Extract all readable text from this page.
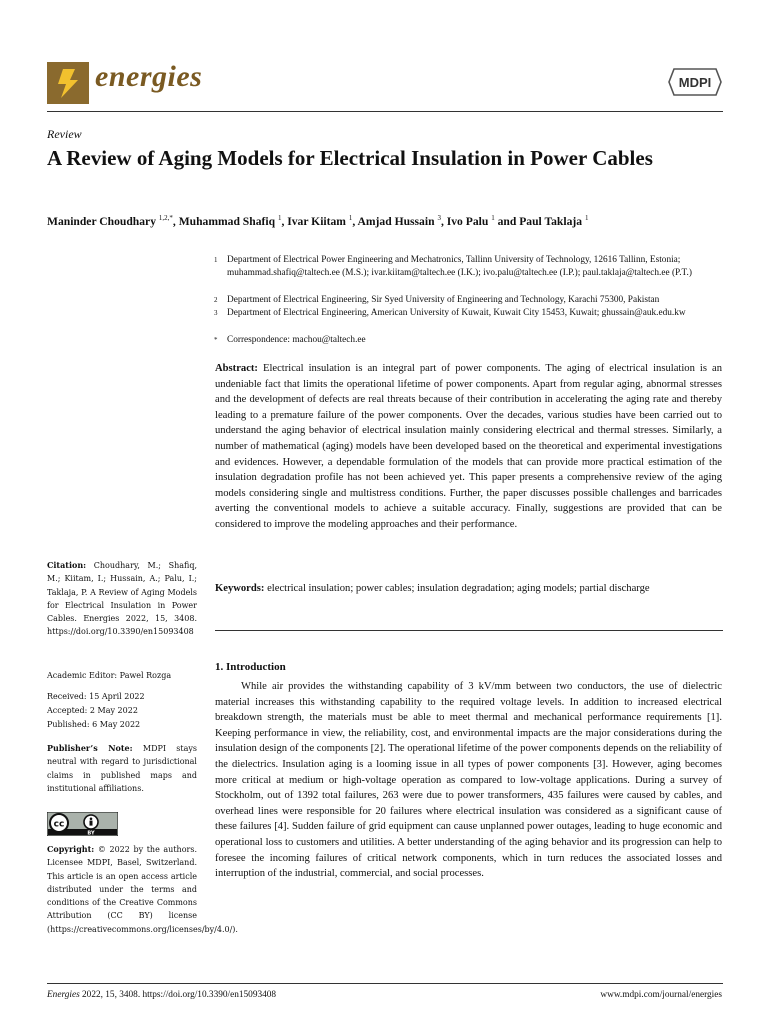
energies	MDPI
Review
A Review of Aging Models for Electrical Insulation in Power Cables
Maninder Choudhary $^{1,2,*}$, Muhammad Shafiq $^1$, Ivar Kiitam $^1$, Amjad Hussain $^3$, Ivo Palu $^1$ and Paul Taklaja $^1$
1 Department of Electrical Power Engineering and Mechatronics, Tallinn University of Technology, 12616 Tallinn, Estonia; muhammad.shafiq@taltech.ee (M.S.); ivar.kiitam@taltech.ee (I.K.); ivo.palu@taltech.ee (I.P.); paul.taklaja@taltech.ee (P.T.)
2 Department of Electrical Engineering, Sir Syed University of Engineering and Technology, Karachi 75300, Pakistan
3 Department of Electrical Engineering, American University of Kuwait, Kuwait City 15453, Kuwait; ghussain@auk.edu.kw
* Correspondence: machou@taltech.ee
Abstract: Electrical insulation is an integral part of power components. The aging of electrical insulation is an undeniable fact that limits the operational lifetime of power components. Apart from regular aging, abnormal stresses and the development of defects are real threats because of their contribution in accelerating the aging rate and thereby leading to a premature failure of the power components. Over the decades, various studies have been carried out to understand the aging behavior of electrical insulation mainly considering electrical and thermal stresses. Similarly, a number of mathematical (aging) models have been developed based on the theoretical and experimental investigations and evidences. However, a dependable formulation of the models that can provide more practical estimation of the insulation degradation profile has not been achieved yet. This paper presents a comprehensive review of the aging models considering single and multistress conditions. Further, the paper discusses possible challenges and barricades averting the conventional models to achieve a suitable accuracy. Finally, suggestions are provided that can be considered to improve the modeling approaches and their performance.
Keywords: electrical insulation; power cables; insulation degradation; aging models; partial discharge
1. Introduction

While air provides the withstanding capability of 3 kV/mm between two conductors, the use of dielectric material increases this withstanding capability to the required voltage levels. In addition to increased electrical breakdown strength, the materials must be able to meet thermal and mechanical performance requirements [1]. Keeping performance in view, the reliability, cost, and environmental impacts are the major considerations during the insulation design of the components [2]. The operational lifetime of the power components depends on the reliability of the dielectrics. Insulation aging is a looming issue in all types of power components [3]. However, aging becomes more critical at medium or high-voltage operation as compared to low-voltage applications. During a survey of Stockholm, out of 1392 total failures, 263 were due to power transformers, 435 failures were caused by cables, and overhead lines were responsible for 20 failures where electrical insulation was considered as a significant cause of these failures [4]. Sudden failure of grid equipment can cause unplanned power outages, leading to huge economic and operational loss to customers and utilities. A better understanding of the aging behavior and its progression can help to foresee the incoming failures of critical network components, which in turn reduces the associated losses and interruption of the industrial, commercial, and social processes.

Citation: Choudhary, M.; Shafiq, M.; Kiitam, I.; Hussain, A.; Palu, I.; Taklaja, P. A Review of Aging Models for Electrical Insulation in Power Cables. Energies 2022, 15, 3408. https://doi.org/10.3390/en15093408
Academic Editor: Pawel Rozga
Received: 15 April 2022
Accepted: 2 May 2022
Published: 6 May 2022
Publisher’s Note: MDPI stays neutral with regard to jurisdictional claims in published maps and institutional affiliations.
cc
BY
Copyright: © 2022 by the authors. Licensee MDPI, Basel, Switzerland. This article is an open access article distributed under the terms and conditions of the Creative Commons Attribution (CC BY) license (https://creativecommons.org/licenses/by/4.0/).
Energies 2022, 15, 3408. https://doi.org/10.3390/en15093408	www.mdpi.com/journal/energies
